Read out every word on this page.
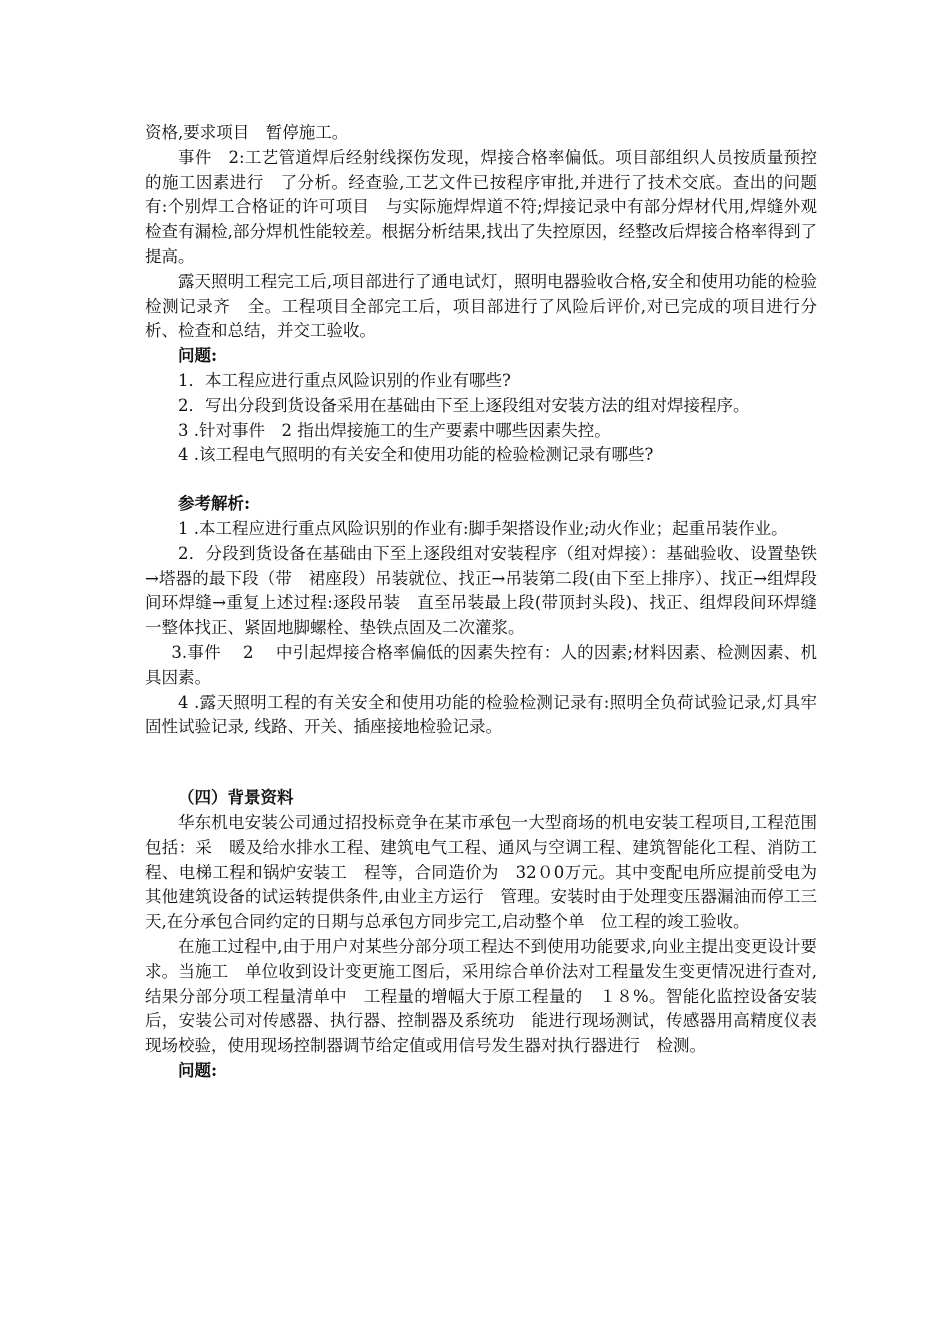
资格,要求项目　暂停施工。

事件　2:工艺管道焊后经射线探伤发现，焊接合格率偏低。项目部组织人员按质量预控的施工因素进行　了分析。经查验,工艺文件已按程序审批,并进行了技术交底。查出的问题有:个别焊工合格证的许可项目　与实际施焊焊道不符;焊接记录中有部分焊材代用,焊缝外观检查有漏检,部分焊机性能较差。根据分析结果,找出了失控原因，经整改后焊接合格率得到了提高。

露天照明工程完工后,项目部进行了通电试灯，照明电器验收合格,安全和使用功能的检验检测记录齐　全。工程项目全部完工后，项目部进行了风险后评价,对已完成的项目进行分析、检查和总结，并交工验收。

问题:

1．本工程应进行重点风险识别的作业有哪些?

2．写出分段到货设备采用在基础由下至上逐段组对安装方法的组对焊接程序。

3 .针对事件　2 指出焊接施工的生产要素中哪些因素失控。

4 .该工程电气照明的有关安全和使用功能的检验检测记录有哪些?

参考解析:

1 .本工程应进行重点风险识别的作业有:脚手架搭设作业;动火作业；起重吊装作业。

2．分段到货设备在基础由下至上逐段组对安装程序（组对焊接）：基础验收、设置垫铁→塔器的最下段（带　裙座段）吊装就位、找正→吊装第二段(由下至上排序）、找正→组焊段间环焊缝→重复上述过程:逐段吊装　直至吊装最上段(带顶封头段)、找正、组焊段间环焊缝一整体找正、紧固地脚螺栓、垫铁点固及二次灌浆。

3.事件　 2　 中引起焊接合格率偏低的因素失控有：人的因素;材料因素、检测因素、机具因素。

4 .露天照明工程的有关安全和使用功能的检验检测记录有:照明全负荷试验记录,灯具牢固性试验记录, 线路、开关、插座接地检验记录。

（四）背景资料

华东机电安装公司通过招投标竞争在某市承包一大型商场的机电安装工程项目,工程范围包括：采　暖及给水排水工程、建筑电气工程、通风与空调工程、建筑智能化工程、消防工程、电梯工程和锅炉安装工　程等，合同造价为　32０0万元。其中变配电所应提前受电为其他建筑设备的试运转提供条件,由业主方运行　管理。安装时由于处理变压器漏油而停工三天,在分承包合同约定的日期与总承包方同步完工,启动整个单　位工程的竣工验收。

在施工过程中,由于用户对某些分部分项工程达不到使用功能要求,向业主提出变更设计要求。当施工　单位收到设计变更施工图后，采用综合单价法对工程量发生变更情况进行查对,结果分部分项工程量清单中　工程量的增幅大于原工程量的　１８%。智能化监控设备安装后，安装公司对传感器、执行器、控制器及系统功　能进行现场测试，传感器用高精度仪表现场校验，使用现场控制器调节给定值或用信号发生器对执行器进行　检测。

问题:
